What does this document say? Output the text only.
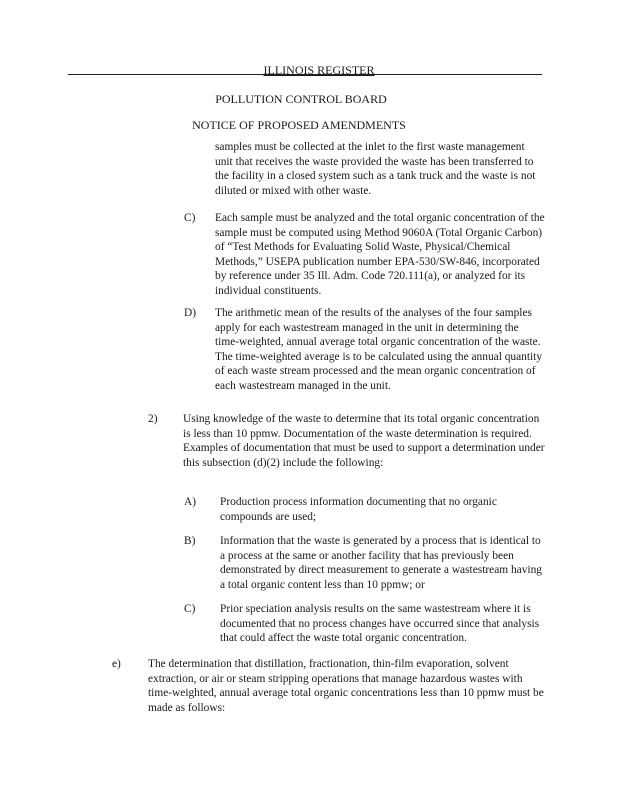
ILLINOIS REGISTER
POLLUTION CONTROL BOARD
NOTICE OF PROPOSED AMENDMENTS

samples must be collected at the inlet to the first waste management unit that receives the waste provided the waste has been transferred to the facility in a closed system such as a tank truck and the waste is not diluted or mixed with other waste.

C) Each sample must be analyzed and the total organic concentration of the sample must be computed using Method 9060A (Total Organic Carbon) of “Test Methods for Evaluating Solid Waste, Physical/Chemical Methods,” USEPA publication number EPA-530/SW-846, incorporated by reference under 35 Ill. Adm. Code 720.111(a), or analyzed for its individual constituents.

D) The arithmetic mean of the results of the analyses of the four samples apply for each wastestream managed in the unit in determining the time-weighted, annual average total organic concentration of the waste. The time-weighted average is to be calculated using the annual quantity of each waste stream processed and the mean organic concentration of each wastestream managed in the unit.

2) Using knowledge of the waste to determine that its total organic concentration is less than 10 ppmw. Documentation of the waste determination is required. Examples of documentation that must be used to support a determination under this subsection (d)(2) include the following:

A) Production process information documenting that no organic compounds are used;

B) Information that the waste is generated by a process that is identical to a process at the same or another facility that has previously been demonstrated by direct measurement to generate a wastestream having a total organic content less than 10 ppmw; or

C) Prior speciation analysis results on the same wastestream where it is documented that no process changes have occurred since that analysis that could affect the waste total organic concentration.

e) The determination that distillation, fractionation, thin-film evaporation, solvent extraction, or air or steam stripping operations that manage hazardous wastes with time-weighted, annual average total organic concentrations less than 10 ppmw must be made as follows:
